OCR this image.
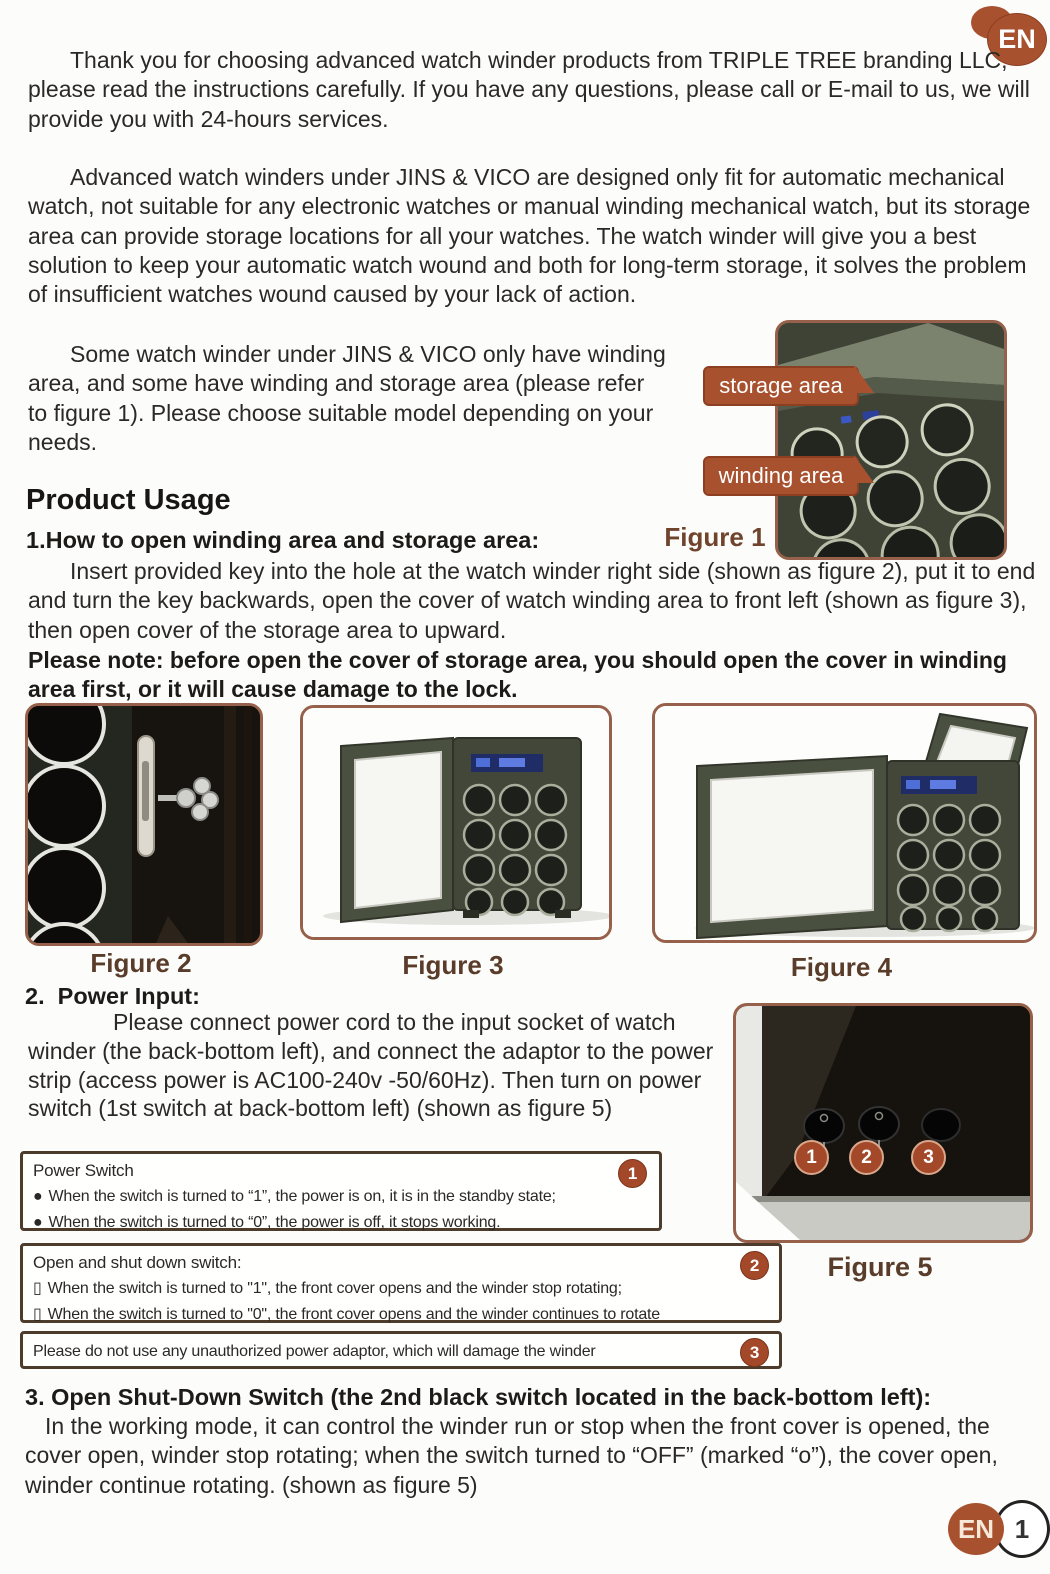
EN
Thank you for choosing advanced watch winder products from TRIPLE TREE branding LLC, please read the instructions carefully. If you have any questions, please call or E-mail to us, we will provide you with 24-hours services.
Advanced watch winders under JINS & VICO are designed only fit for automatic mechanical watch, not suitable for any electronic watches or manual winding mechanical watch, but its storage area can provide storage locations for all your watches. The watch winder will give you a best solution to keep your automatic watch wound and both for long-term storage, it solves the problem of insufficient watches wound caused by your lack of action.
Some watch winder under JINS & VICO only have winding area, and some have winding and storage area (please refer to figure 1). Please choose suitable model depending on your needs.
storage area
winding area
Figure 1
Product Usage
1.How to open winding area and storage area:
Insert provided key into the hole at the watch winder right side (shown as figure 2), put it to end and turn the key backwards, open the cover of watch winding area to front left (shown as figure 3), then open cover of the storage area to upward.
Please note: before open the cover of storage area, you should open the cover in winding area first, or it will cause damage to the lock.
Figure 2	Figure 3	Figure 4
2.  Power Input:
Please connect power cord to the input socket of watch winder (the back-bottom left), and connect the adaptor to the power strip (access power is AC100-240v -50/60Hz). Then turn on power switch (1st switch at back-bottom left) (shown as figure 5)
1	2	3
Figure 5
Power Switch
● When the switch is turned to “1”, the power is on, it is in the standby state;
● When the switch is turned to “0”, the power is off, it stops working.
1
Open and shut down switch:
▯ When the switch is turned to "1", the front cover opens and the winder stop rotating;
▯ When the switch is turned to "0", the front cover opens and the winder continues to rotate
2
Please do not use any unauthorized power adaptor, which will damage the winder	3
3. Open Shut-Down Switch (the 2nd black switch located in the back-bottom left):
In the working mode, it can control the winder run or stop when the front cover is opened, the cover open, winder stop rotating; when the switch turned to “OFF” (marked “o”), the cover open, winder continue rotating. (shown as figure 5)
1
EN
